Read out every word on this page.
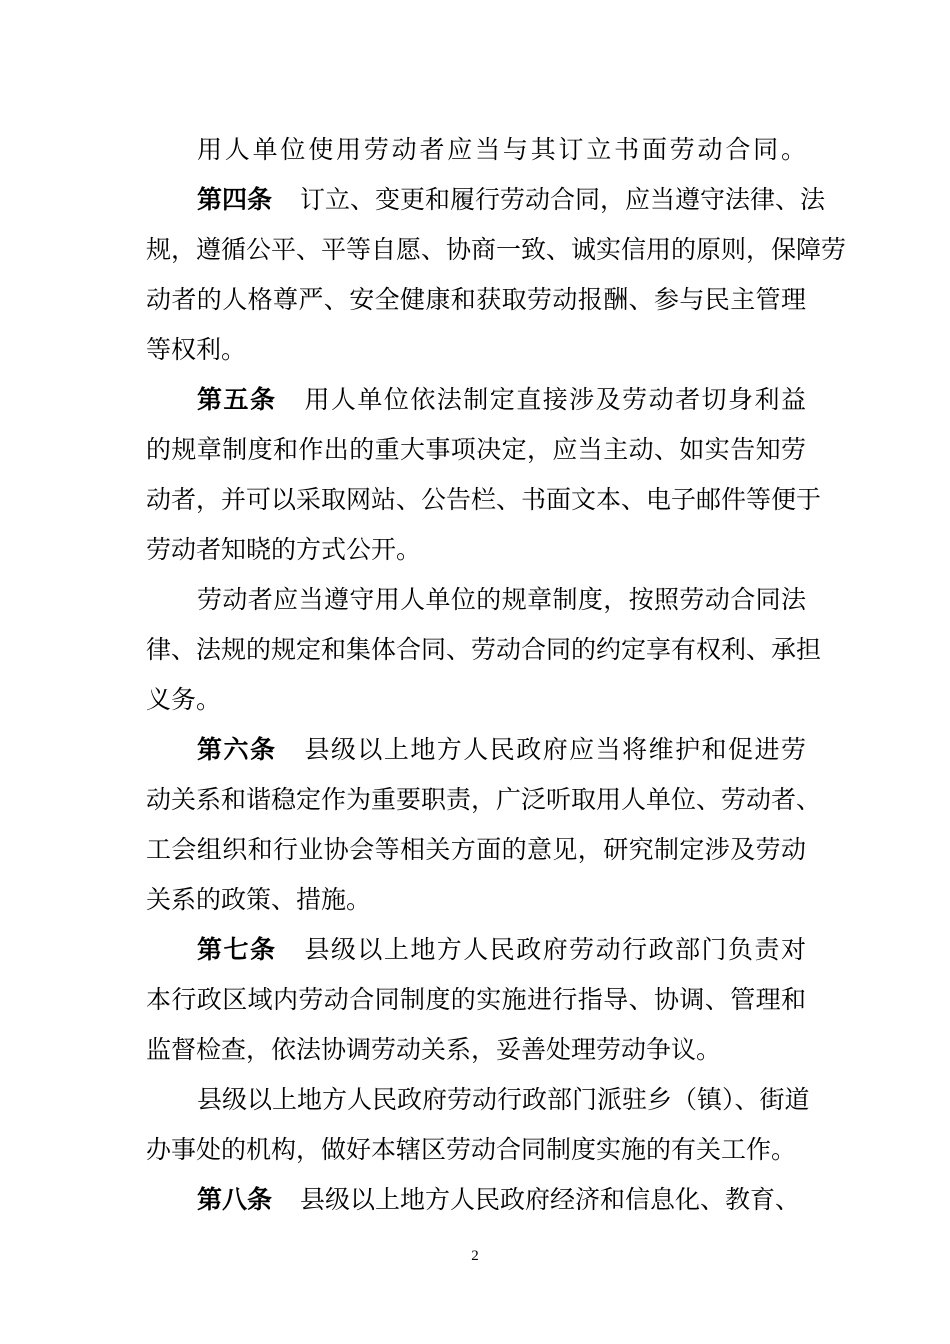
用人单位使用劳动者应当与其订立书面劳动合同。
第四条 订立、变更和履行劳动合同，应当遵守法律、法
规，遵循公平、平等自愿、协商一致、诚实信用的原则，保障劳
动者的人格尊严、安全健康和获取劳动报酬、参与民主管理
等权利。
第五条 用人单位依法制定直接涉及劳动者切身利益
的规章制度和作出的重大事项决定，应当主动、如实告知劳
动者，并可以采取网站、公告栏、书面文本、电子邮件等便于
劳动者知晓的方式公开。
劳动者应当遵守用人单位的规章制度，按照劳动合同法
律、法规的规定和集体合同、劳动合同的约定享有权利、承担
义务。
第六条 县级以上地方人民政府应当将维护和促进劳
动关系和谐稳定作为重要职责，广泛听取用人单位、劳动者、
工会组织和行业协会等相关方面的意见，研究制定涉及劳动
关系的政策、措施。
第七条 县级以上地方人民政府劳动行政部门负责对
本行政区域内劳动合同制度的实施进行指导、协调、管理和
监督检查，依法协调劳动关系，妥善处理劳动争议。
县级以上地方人民政府劳动行政部门派驻乡（镇）、街道
办事处的机构，做好本辖区劳动合同制度实施的有关工作。
第八条 县级以上地方人民政府经济和信息化、教育、
2
